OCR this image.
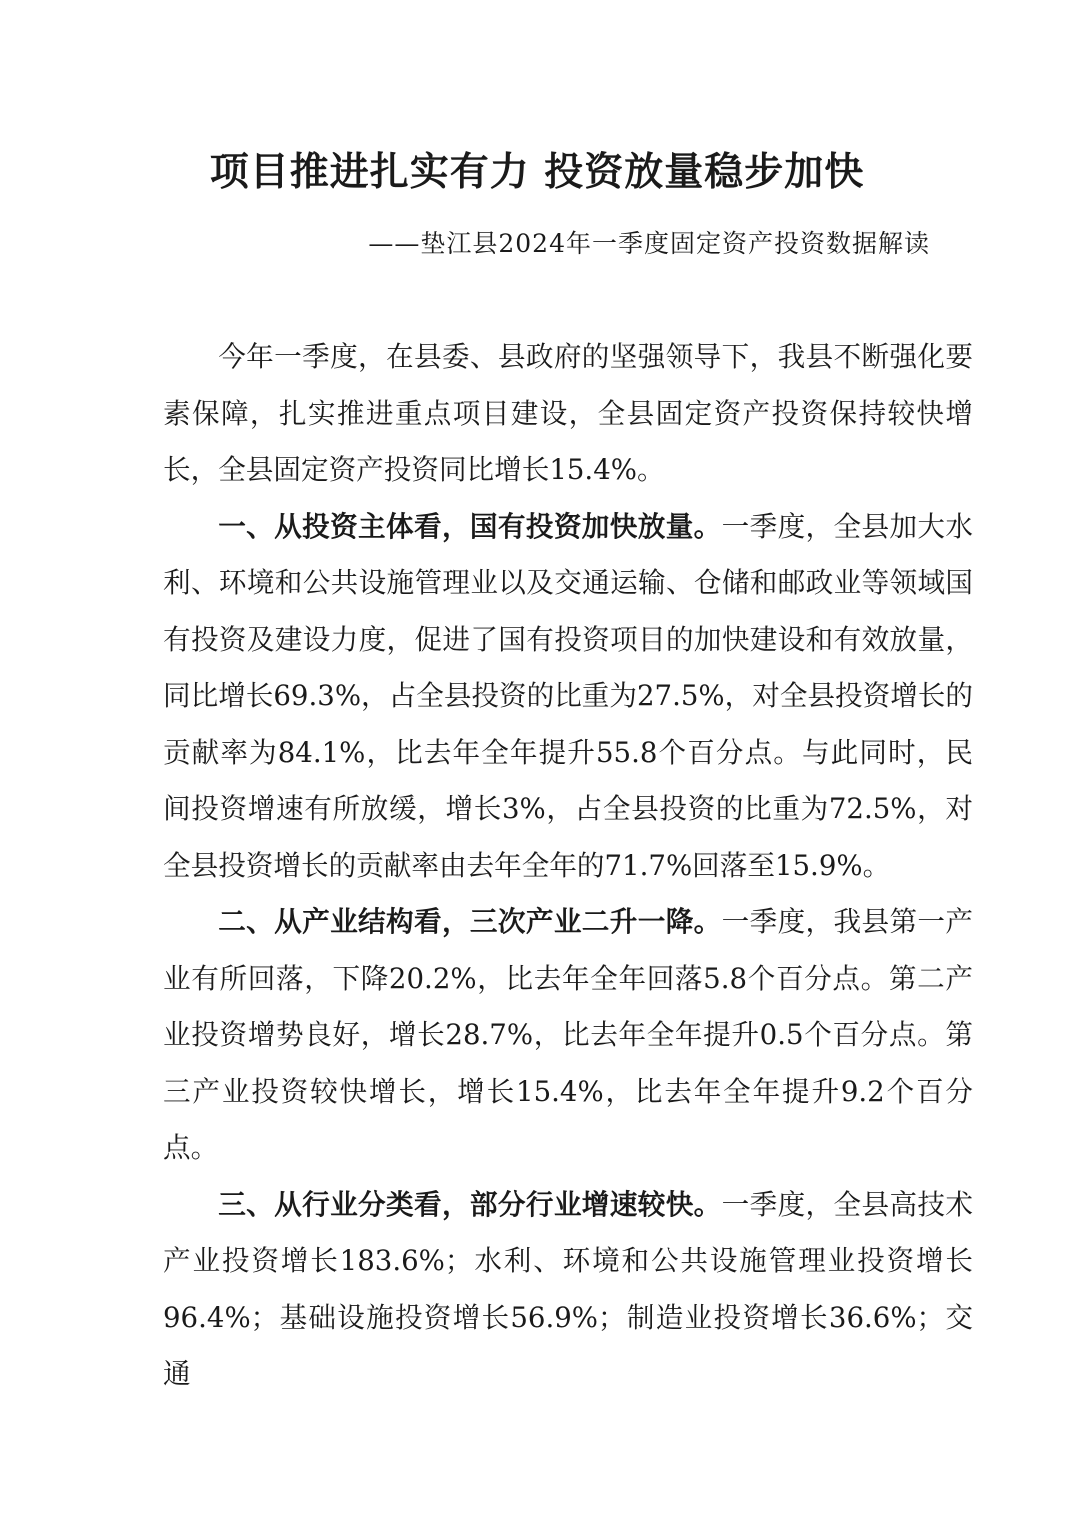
项目推进扎实有力 投资放量稳步加快
——垫江县2024年一季度固定资产投资数据解读

今年一季度，在县委、县政府的坚强领导下，我县不断强化要素保障，扎实推进重点项目建设，全县固定资产投资保持较快增长，全县固定资产投资同比增长15.4%。

一、从投资主体看，国有投资加快放量。一季度，全县加大水利、环境和公共设施管理业以及交通运输、仓储和邮政业等领域国有投资及建设力度，促进了国有投资项目的加快建设和有效放量，同比增长69.3%，占全县投资的比重为27.5%，对全县投资增长的贡献率为84.1%，比去年全年提升55.8个百分点。与此同时，民间投资增速有所放缓，增长3%，占全县投资的比重为72.5%，对全县投资增长的贡献率由去年全年的71.7%回落至15.9%。

二、从产业结构看，三次产业二升一降。一季度，我县第一产业有所回落，下降20.2%，比去年全年回落5.8个百分点。第二产业投资增势良好，增长28.7%，比去年全年提升0.5个百分点。第三产业投资较快增长，增长15.4%，比去年全年提升9.2个百分点。

三、从行业分类看，部分行业增速较快。一季度，全县高技术产业投资增长183.6%；水利、环境和公共设施管理业投资增长96.4%；基础设施投资增长56.9%；制造业投资增长36.6%；交通
